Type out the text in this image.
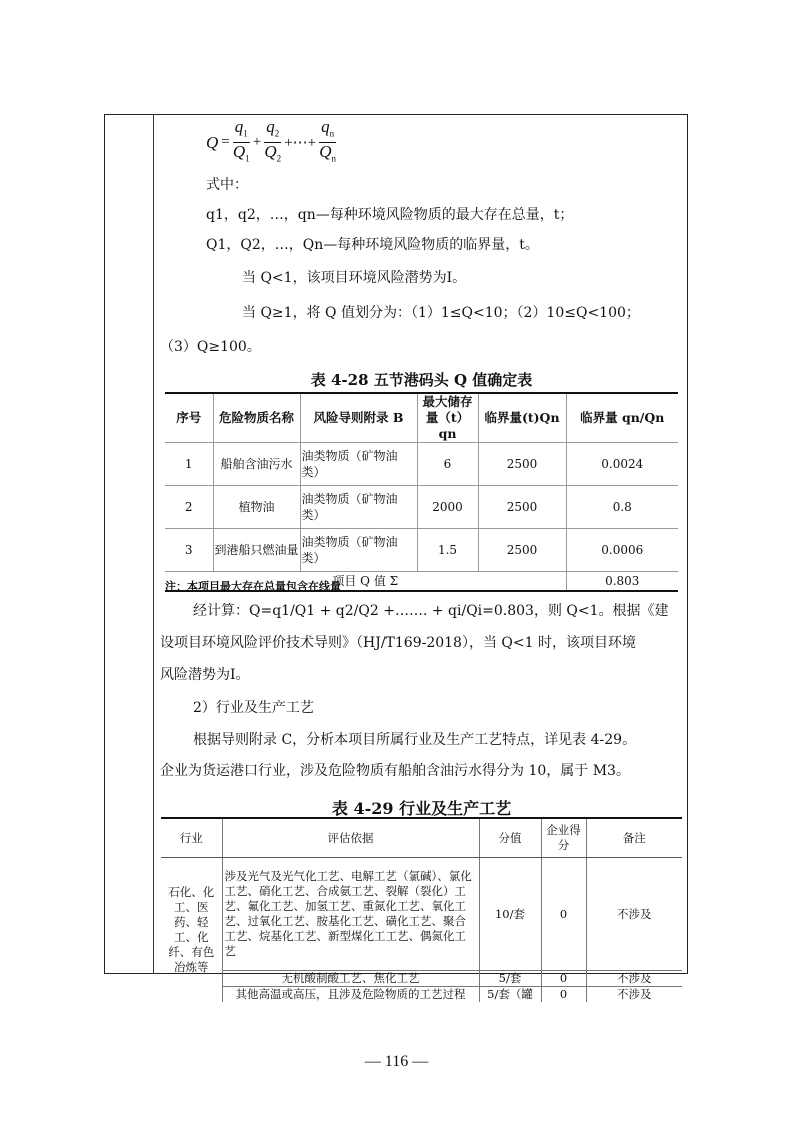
$Q = \frac{q_1}{Q_1} + \frac{q_2}{Q_2}$ +⋯+ $\frac{q_n}{Q_n}$
式中：
q1，q2，…，qn—每种环境风险物质的最大存在总量，t；
Q1，Q2，…，Qn—每种环境风险物质的临界量，t。
当 Q<1，该项目环境风险潜势为Ⅰ。
当 Q≥1，将 Q 值划分为：（1）1≤Q<10；（2）10≤Q<100；
（3）Q≥100。
表 4-28 五节港码头 Q 值确定表
序号	危险物质名称	风险导则附录 B	最大储存量（t）qn	临界量(t)Qn	临界量 qn/Qn
1	船舶含油污水	油类物质（矿物油类）	6	2500	0.0024
2	植物油	油类物质（矿物油类）	2000	2500	0.8
3	到港船只燃油量	油类物质（矿物油类）	1.5	2500	0.0006
项目 Q 值 Σ					0.803
注：本项目最大存在总量包含在线量
经计算：Q=q1/Q1 + q2/Q2 +……. + qi/Qi=0.803，则 Q<1。根据《建
设项目环境风险评价技术导则》（HJ/T169-2018），当 Q<1 时，该项目环境
风险潜势为Ⅰ。
2）行业及生产工艺
根据导则附录 C，分析本项目所属行业及生产工艺特点，详见表 4-29。
企业为货运港口行业，涉及危险物质有船舶含油污水得分为 10，属于 M3。
表 4-29 行业及生产工艺
行业	评估依据	分值	企业得分	备注
石化、化工、医药、轻工、化纤、有色冶炼等	涉及光气及光气化工艺、电解工艺（氯碱）、氯化工艺、硝化工艺、合成氨工艺、裂解（裂化）工艺、氟化工艺、加氢工艺、重氮化工艺、氧化工艺、过氧化工艺、胺基化工艺、磺化工艺、聚合工艺、烷基化工艺、新型煤化工工艺、偶氮化工艺	10/套	0	不涉及
	无机酸制酸工艺、焦化工艺	5/套	0	不涉及
	其他高温或高压，且涉及危险物质的工艺过程	5/套（罐	0	不涉及
— 116 —
